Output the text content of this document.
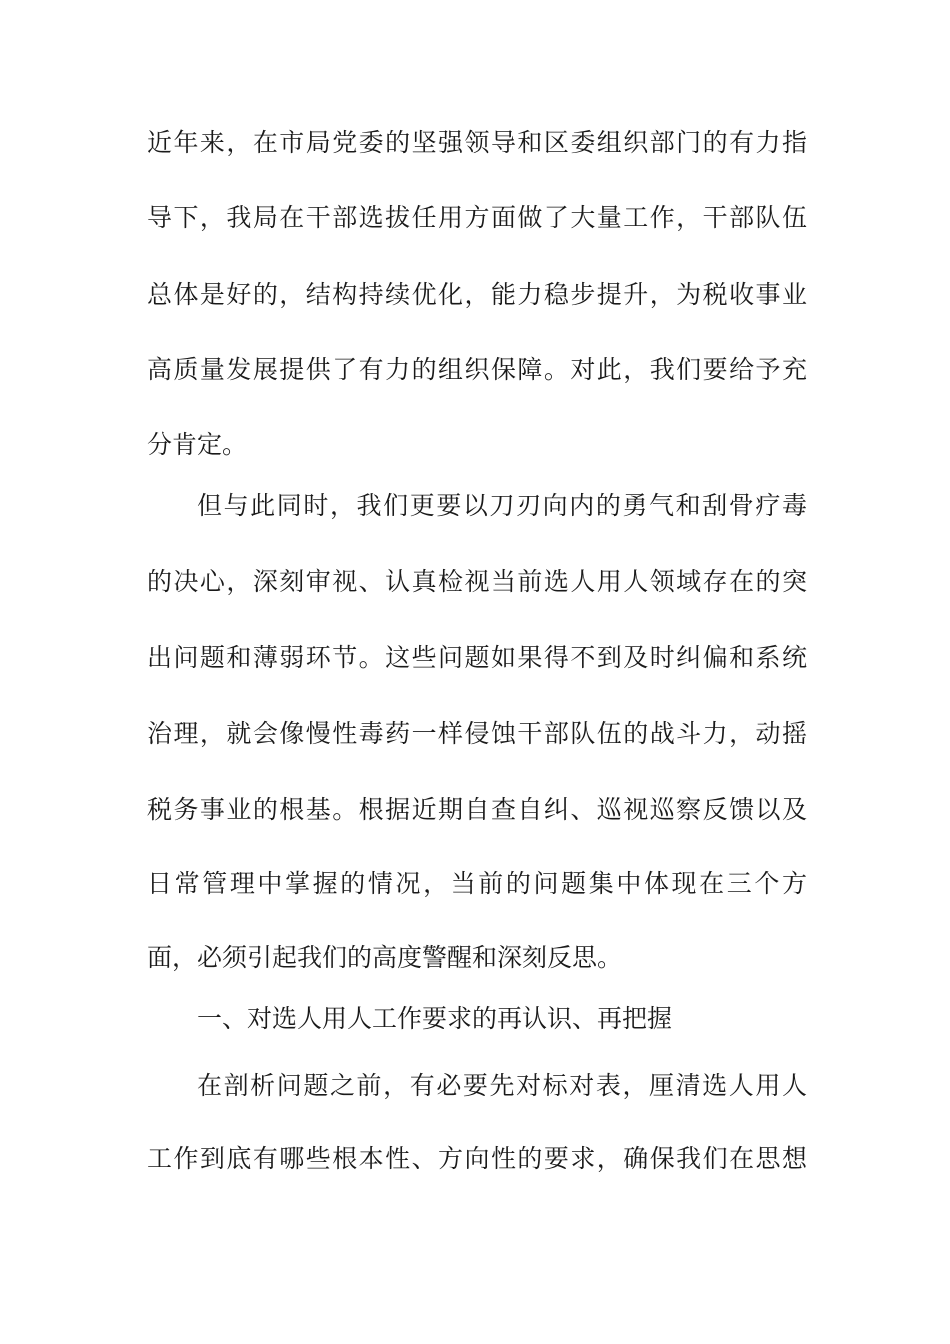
近年来，在市局党委的坚强领导和区委组织部门的有力指
导下，我局在干部选拔任用方面做了大量工作，干部队伍
总体是好的，结构持续优化，能力稳步提升，为税收事业
高质量发展提供了有力的组织保障。对此，我们要给予充
分肯定。
但与此同时，我们更要以刀刃向内的勇气和刮骨疗毒
的决心，深刻审视、认真检视当前选人用人领域存在的突
出问题和薄弱环节。这些问题如果得不到及时纠偏和系统
治理，就会像慢性毒药一样侵蚀干部队伍的战斗力，动摇
税务事业的根基。根据近期自查自纠、巡视巡察反馈以及
日常管理中掌握的情况，当前的问题集中体现在三个方
面，必须引起我们的高度警醒和深刻反思。
一、对选人用人工作要求的再认识、再把握
在剖析问题之前，有必要先对标对表，厘清选人用人
工作到底有哪些根本性、方向性的要求，确保我们在思想
